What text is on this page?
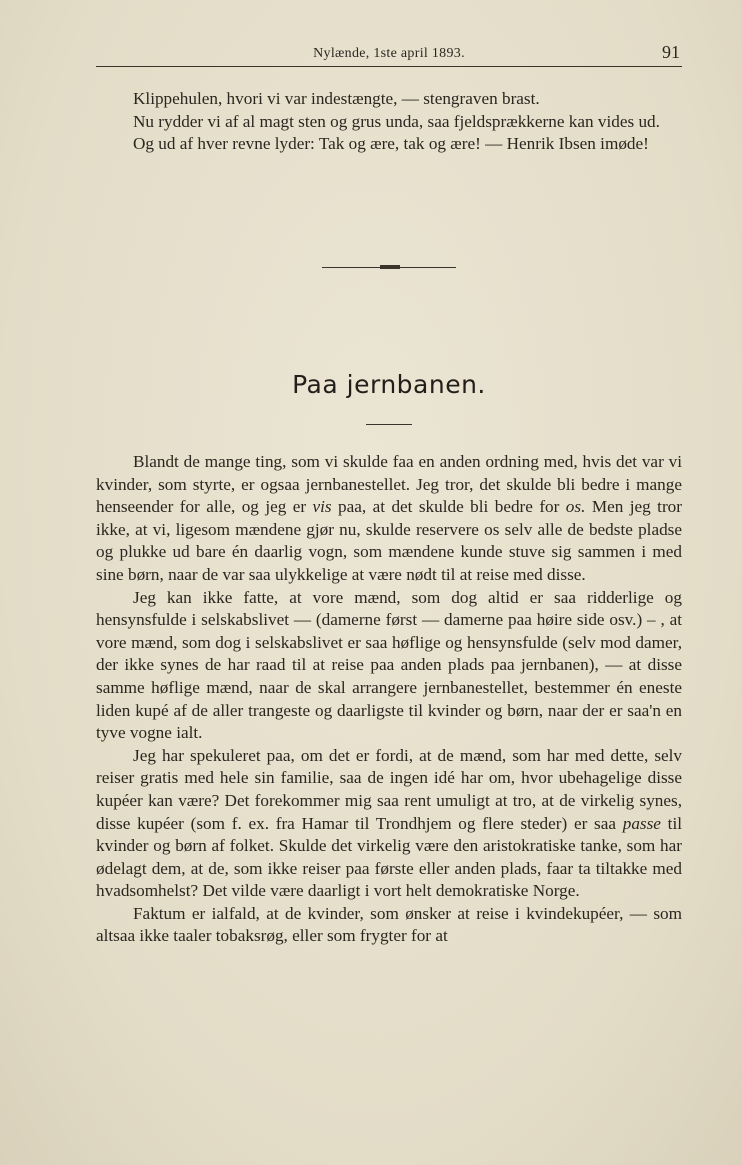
Nylænde, 1ste april 1893.	91

Klippehulen, hvori vi var indestængte, — stengraven brast.

Nu rydder vi af al magt sten og grus unda, saa fjeldsprækkerne kan vides ud.

Og ud af hver revne lyder: Tak og ære, tak og ære! — Henrik Ibsen imøde!

Paa jernbanen.

Blandt de mange ting, som vi skulde faa en anden ordning med, hvis det var vi kvinder, som styrte, er ogsaa jernbanestellet. Jeg tror, det skulde bli bedre i mange henseender for alle, og jeg er vis paa, at det skulde bli bedre for os. Men jeg tror ikke, at vi, ligesom mændene gjør nu, skulde reservere os selv alle de bedste pladse og plukke ud bare én daarlig vogn, som mændene kunde stuve sig sammen i med sine børn, naar de var saa ulykkelige at være nødt til at reise med disse.

Jeg kan ikke fatte, at vore mænd, som dog altid er saa ridderlige og hensynsfulde i selskabslivet — (damerne først — damerne paa høire side osv.) – , at vore mænd, som dog i selskabslivet er saa høflige og hensynsfulde (selv mod damer, der ikke synes de har raad til at reise paa anden plads paa jernbanen), — at disse samme høflige mænd, naar de skal arrangere jernbanestellet, bestemmer én eneste liden kupé af de aller trangeste og daarligste til kvinder og børn, naar der er saa'n en tyve vogne ialt.

Jeg har spekuleret paa, om det er fordi, at de mænd, som har med dette, selv reiser gratis med hele sin familie, saa de ingen idé har om, hvor ubehagelige disse kupéer kan være? Det forekommer mig saa rent umuligt at tro, at de virkelig synes, disse kupéer (som f. ex. fra Hamar til Trondhjem og flere steder) er saa passe til kvinder og børn af folket. Skulde det virkelig være den aristokratiske tanke, som har ødelagt dem, at de, som ikke reiser paa første eller anden plads, faar ta tiltakke med hvadsomhelst? Det vilde være daarligt i vort helt demokratiske Norge.

Faktum er ialfald, at de kvinder, som ønsker at reise i kvindekupéer, — som altsaa ikke taaler tobaksrøg, eller som frygter for at
